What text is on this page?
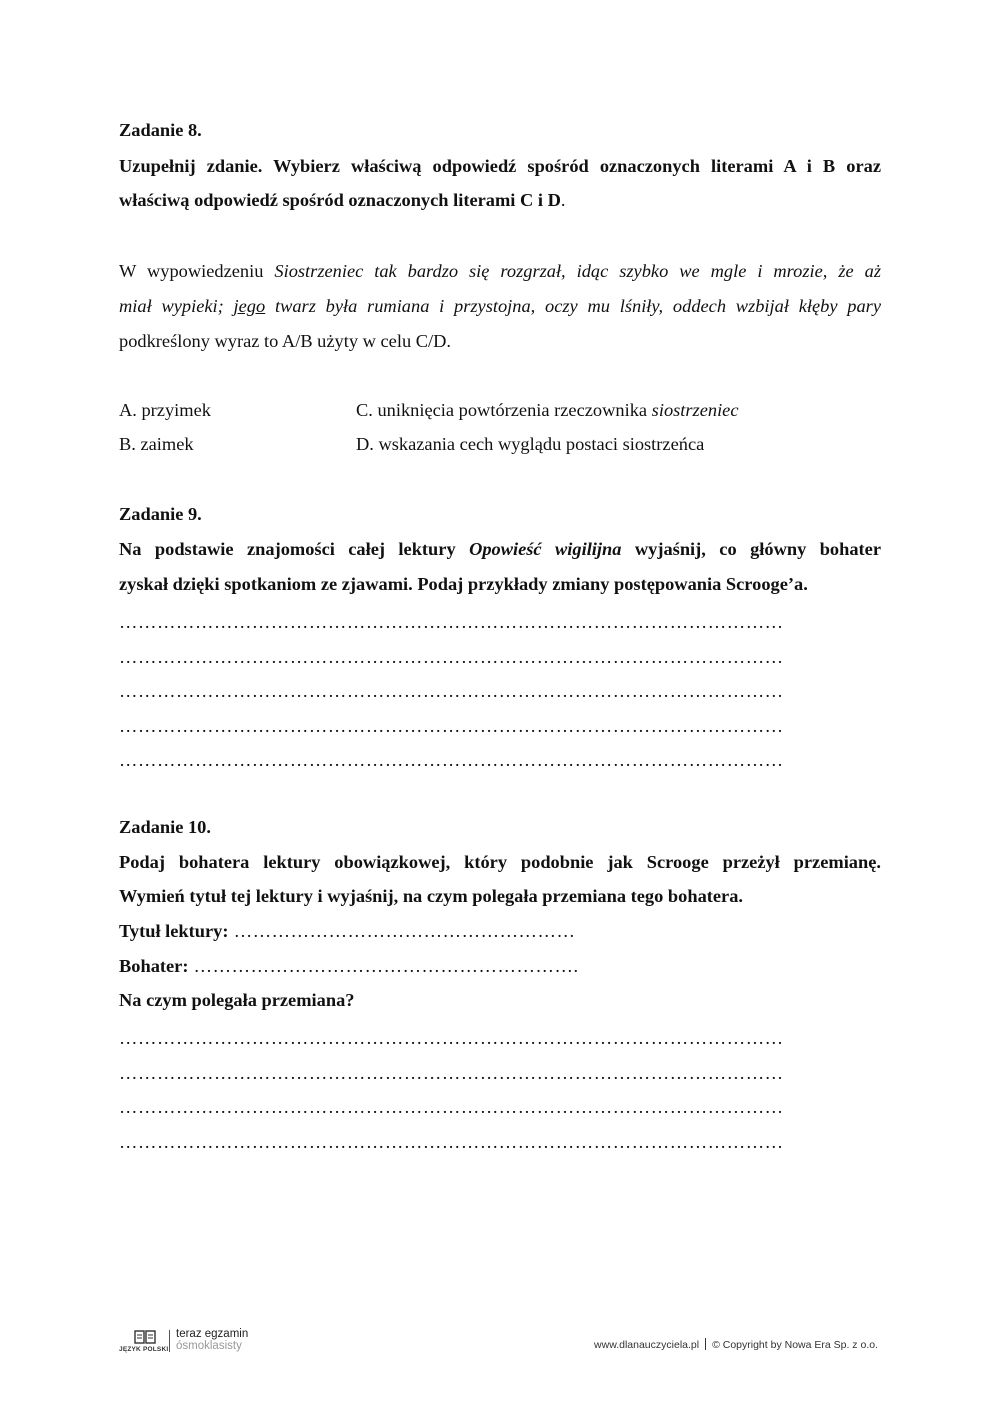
Zadanie 8.
Uzupełnij zdanie. Wybierz właściwą odpowiedź spośród oznaczonych literami A i B oraz
właściwą odpowiedź spośród oznaczonych literami C i D.
W wypowiedzeniu Siostrzeniec tak bardzo się rozgrzał, idąc szybko we mgle i mrozie, że aż
miał wypieki; jego twarz była rumiana i przystojna, oczy mu lśniły, oddech wzbijał kłęby pary
podkreślony wyraz to A/B użyty w celu C/D.
A. przyimek	C. uniknięcia powtórzenia rzeczownika siostrzeniec
B. zaimek	D. wskazania cech wyglądu postaci siostrzeńca
Zadanie 9.
Na podstawie znajomości całej lektury Opowieść wigilijna wyjaśnij, co główny bohater
zyskał dzięki spotkaniom ze zjawami. Podaj przykłady zmiany postępowania Scrooge’a.
……………………………………………………………………………………………
……………………………………………………………………………………………
……………………………………………………………………………………………
……………………………………………………………………………………………
……………………………………………………………………………………………
Zadanie 10.
Podaj bohatera lektury obowiązkowej, który podobnie jak Scrooge przeżył przemianę.
Wymień tytuł tej lektury i wyjaśnij, na czym polegała przemiana tego bohatera.
Tytuł lektury: ………………………………………………
Bohater: …………………………………………………….
Na czym polegała przemiana?
……………………………………………………………………………………………
……………………………………………………………………………………………
……………………………………………………………………………………………
……………………………………………………………………………………………
JĘZYK POLSKI
teraz egzamin
ósmoklasisty	www.dlanauczyciela.pl © Copyright by Nowa Era Sp. z o.o.
